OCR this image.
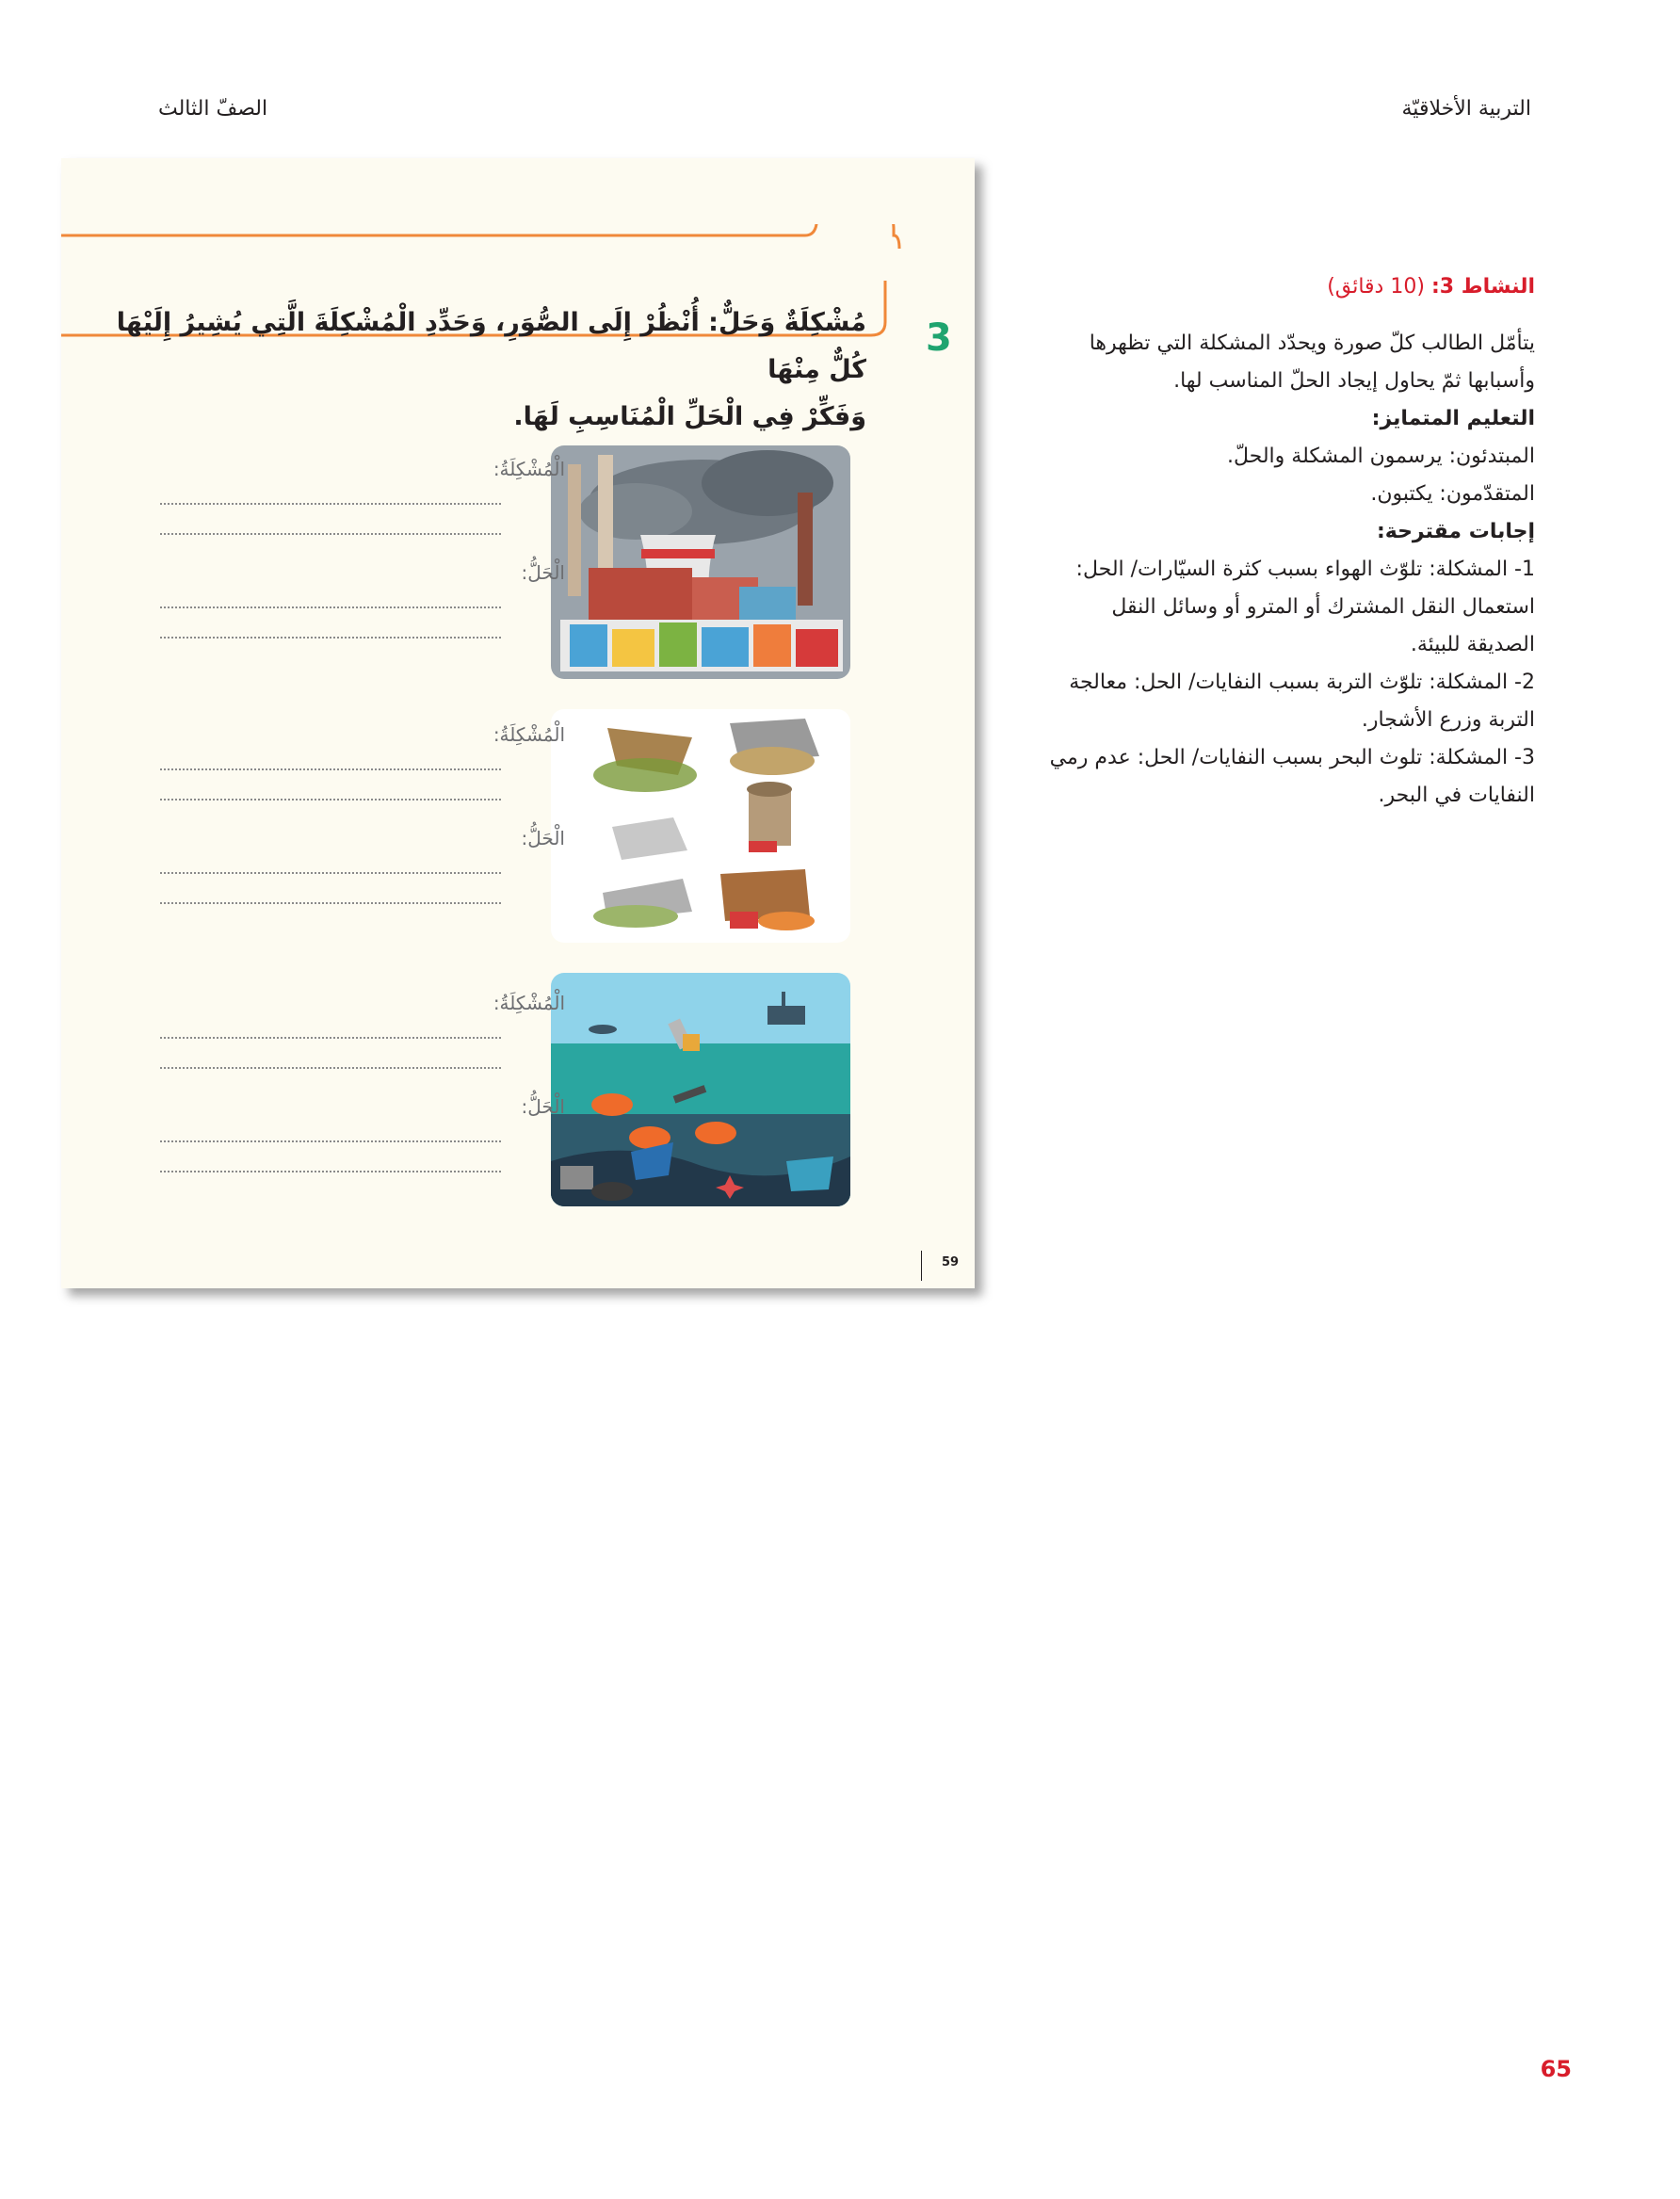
الصفّ الثالث	التربية الأخلاقيّة
3
مُشْكِلَةٌ وَحَلٌّ: أُنْظُرْ إِلَى الصُّوَرِ، وَحَدِّدِ الْمُشْكِلَةَ الَّتِي يُشِيرُ إِلَيْهَا كُلٌّ مِنْهَا
وَفَكِّرْ فِي الْحَلِّ الْمُنَاسِبِ لَهَا.
الْمُشْكِلَةُ:
الْحَلُّ:
الْمُشْكِلَةُ:
الْحَلُّ:
الْمُشْكِلَةُ:
الْحَلُّ:
59

النشاط 3: (10 دقائق)

يتأمّل الطالب كلّ صورة ويحدّد المشكلة التي تظهرها وأسبابها ثمّ يحاول إيجاد الحلّ المناسب لها.

التعليم المتمايز:

المبتدئون: يرسمون المشكلة والحلّ.

المتقدّمون: يكتبون.

إجابات مقترحة:

1- المشكلة: تلوّث الهواء بسبب كثرة السيّارات/ الحل: استعمال النقل المشترك أو المترو أو وسائل النقل الصديقة للبيئة.

2- المشكلة: تلوّث التربة بسبب النفايات/ الحل: معالجة التربة وزرع الأشجار.

3- المشكلة: تلوث البحر بسبب النفايات/ الحل: عدم رمي النفايات في البحر.

65
